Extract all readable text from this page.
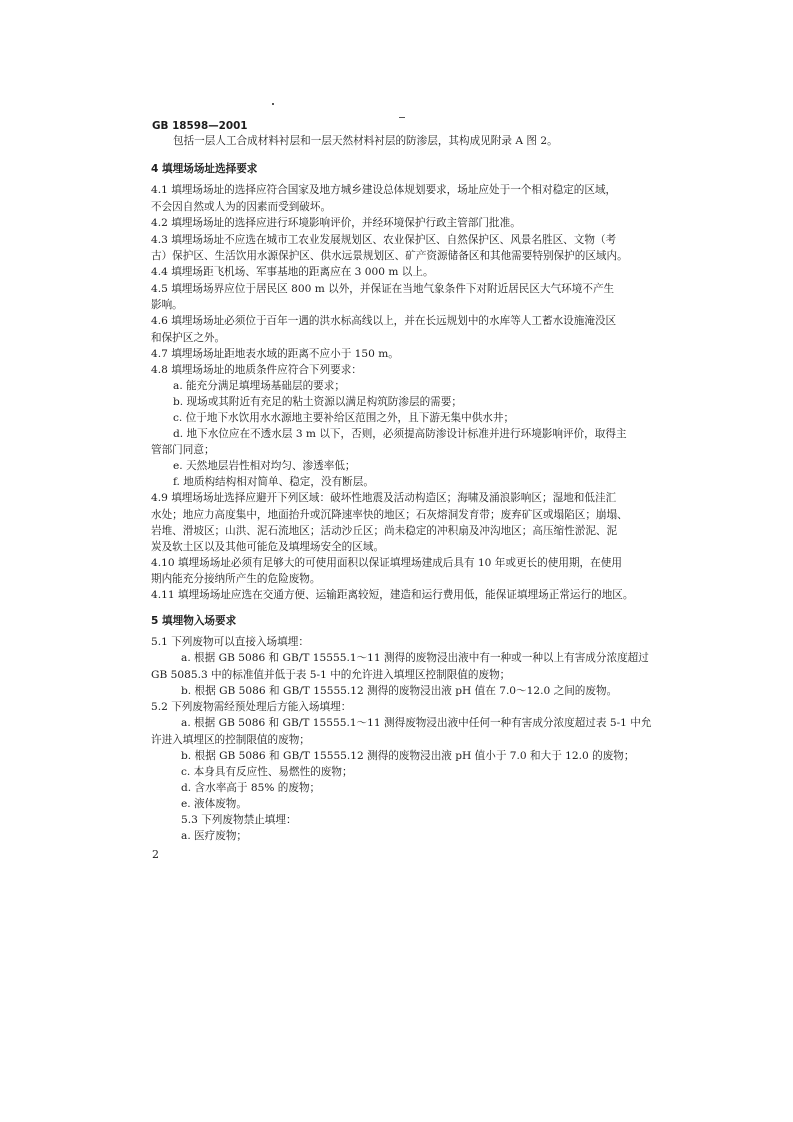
GB 18598—2001
包括一层人工合成材料衬层和一层天然材料衬层的防渗层，其构成见附录 A 图 2。
4 填埋场场址选择要求
4.1 填埋场场址的选择应符合国家及地方城乡建设总体规划要求，场址应处于一个相对稳定的区域，
不会因自然或人为的因素而受到破坏。
4.2 填埋场场址的选择应进行环境影响评价，并经环境保护行政主管部门批准。
4.3 填埋场场址不应选在城市工农业发展规划区、农业保护区、自然保护区、风景名胜区、文物（考
古）保护区、生活饮用水源保护区、供水远景规划区、矿产资源储备区和其他需要特别保护的区域内。
4.4 填埋场距飞机场、军事基地的距离应在 3 000 m 以上。
4.5 填埋场场界应位于居民区 800 m 以外，并保证在当地气象条件下对附近居民区大气环境不产生
影响。
4.6 填埋场场址必须位于百年一遇的洪水标高线以上，并在长远规划中的水库等人工蓄水设施淹没区
和保护区之外。
4.7 填埋场场址距地表水域的距离不应小于 150 m。
4.8 填埋场场址的地质条件应符合下列要求：
a. 能充分满足填埋场基础层的要求；
b. 现场或其附近有充足的粘土资源以满足构筑防渗层的需要；
c. 位于地下水饮用水水源地主要补给区范围之外，且下游无集中供水井；
d. 地下水位应在不透水层 3 m 以下，否则，必须提高防渗设计标准并进行环境影响评价，取得主
管部门同意；
e. 天然地层岩性相对均匀、渗透率低；
f. 地质构结构相对简单、稳定，没有断层。
4.9 填埋场场址选择应避开下列区域：破坏性地震及活动构造区；海啸及涌浪影响区；湿地和低洼汇
水处；地应力高度集中，地面抬升或沉降速率快的地区；石灰熔洞发育带；废弃矿区或塌陷区；崩塌、
岩堆、滑坡区；山洪、泥石流地区；活动沙丘区；尚未稳定的冲积扇及冲沟地区；高压缩性淤泥、泥
炭及软土区以及其他可能危及填埋场安全的区域。
4.10 填埋场场址必须有足够大的可使用面积以保证填埋场建成后具有 10 年或更长的使用期，在使用
期内能充分接纳所产生的危险废物。
4.11 填埋场场址应选在交通方便、运输距离较短，建造和运行费用低，能保证填埋场正常运行的地区。
5 填埋物入场要求
5.1 下列废物可以直接入场填埋：
a. 根据 GB 5086 和 GB/T 15555.1～11 测得的废物浸出液中有一种或一种以上有害成分浓度超过
GB 5085.3 中的标准值并低于表 5-1 中的允许进入填埋区控制限值的废物；
b. 根据 GB 5086 和 GB/T 15555.12 测得的废物浸出液 pH 值在 7.0～12.0 之间的废物。
5.2 下列废物需经预处理后方能入场填埋：
a. 根据 GB 5086 和 GB/T 15555.1～11 测得废物浸出液中任何一种有害成分浓度超过表 5-1 中允
许进入填埋区的控制限值的废物；
b. 根据 GB 5086 和 GB/T 15555.12 测得的废物浸出液 pH 值小于 7.0 和大于 12.0 的废物；
c. 本身具有反应性、易燃性的废物；
d. 含水率高于 85% 的废物；
e. 液体废物。
5.3 下列废物禁止填埋：
a. 医疗废物；
2
